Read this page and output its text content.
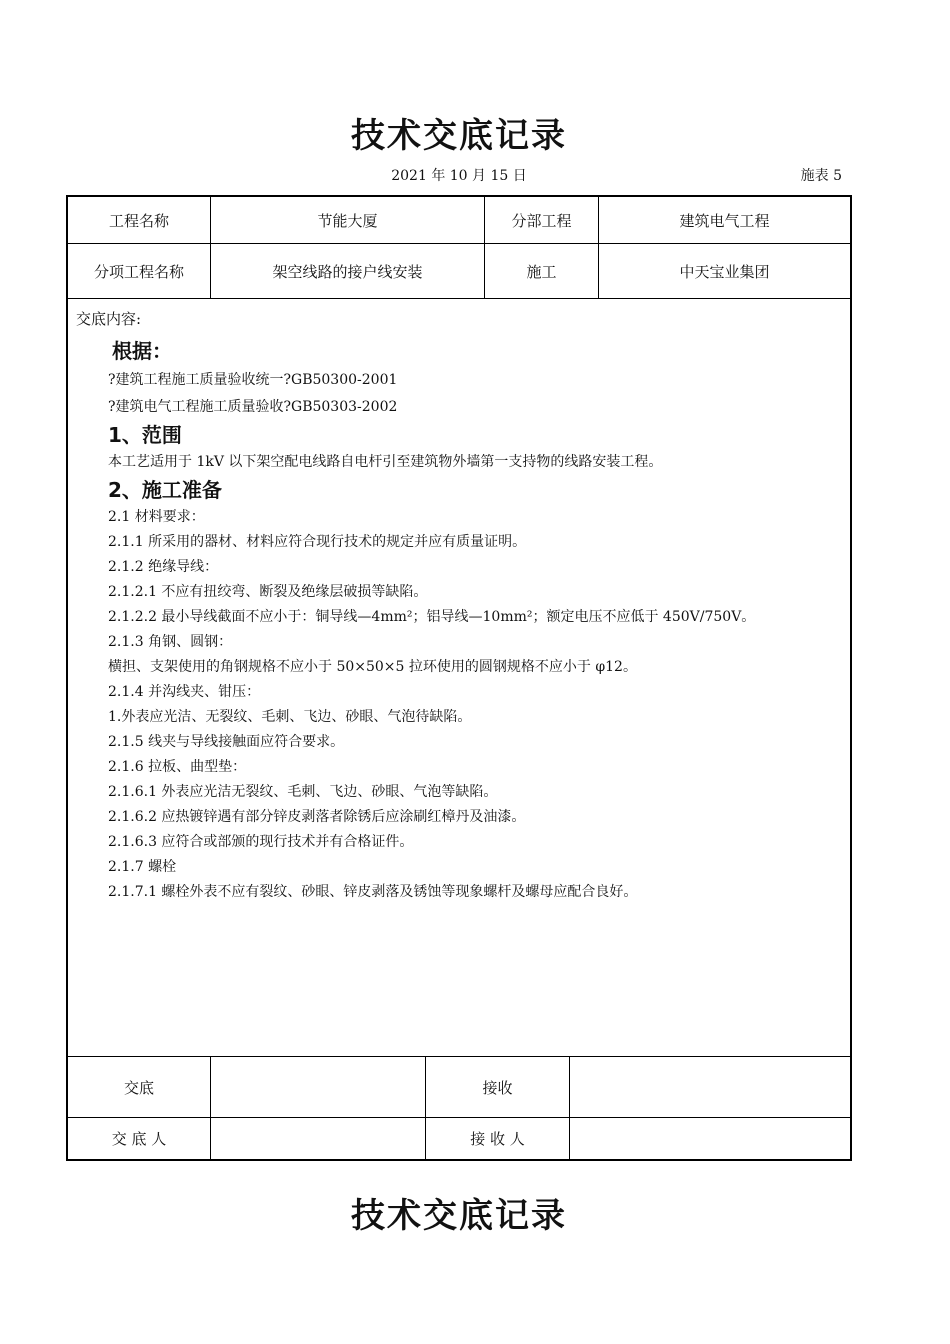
技术交底记录
2021 年 10 月 15 日	施表 5
工程名称	节能大厦	分部工程	建筑电气工程
分项工程名称	架空线路的接户线安装	施工	中天宝业集团
交底内容:

根据：

?建筑工程施工质量验收统一?GB50300-2001

?建筑电气工程施工质量验收?GB50303-2002

1、范围

本工艺适用于 1kV 以下架空配电线路自电杆引至建筑物外墙第一支持物的线路安装工程。

2、施工准备

2.1 材料要求：

2.1.1 所采用的器材、材料应符合现行技术的规定并应有质量证明。

2.1.2 绝缘导线：

2.1.2.1 不应有扭绞弯、断裂及绝缘层破损等缺陷。

2.1.2.2 最小导线截面不应小于：铜导线—4mm²；铝导线—10mm²；额定电压不应低于 450V/750V。

2.1.3 角钢、圆钢：

横担、支架使用的角钢规格不应小于 50×50×5 拉环使用的圆钢规格不应小于 φ12。

2.1.4 并沟线夹、钳压：

1.外表应光洁、无裂纹、毛刺、飞边、砂眼、气泡待缺陷。

2.1.5 线夹与导线接触面应符合要求。

2.1.6 拉板、曲型垫：

2.1.6.1 外表应光洁无裂纹、毛刺、飞边、砂眼、气泡等缺陷。

2.1.6.2 应热镀锌遇有部分锌皮剥落者除锈后应涂刷红樟丹及油漆。

2.1.6.3 应符合或部颁的现行技术并有合格证件。

2.1.7 螺栓

2.1.7.1 螺栓外表不应有裂纹、砂眼、锌皮剥落及锈蚀等现象螺杆及螺母应配合良好。

交底	接收
交 底 人	接 收 人
技术交底记录
